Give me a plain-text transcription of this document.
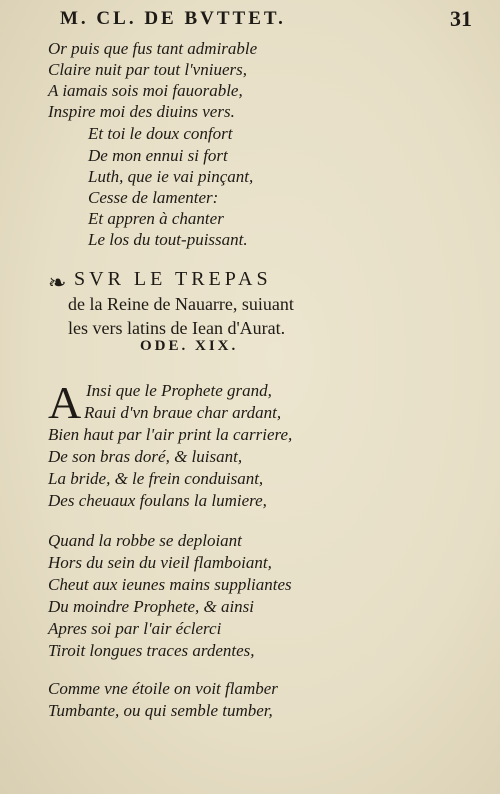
M. CL. DE BVTTET.	31
Or puis que fus tant admirable
Claire nuit par tout l'vniuers,
A iamais sois moi fauorable,
Inspire moi des diuins vers.
Et toi le doux confort
De mon ennui si fort
Luth, que ie vai pinçant,
Cesse de lamenter:
Et appren à chanter
Le los du tout-puissant.
❧ SVR LE TREPAS
de la Reine de Nauarre, suiuant
les vers latins de Iean d'Aurat.
ODE. XIX.
A Insi que le Prophete grand,
Raui d'vn braue char ardant,
Bien haut par l'air print la carriere,
De son bras doré, & luisant,
La bride, & le frein conduisant,
Des cheuaux foulans la lumiere,
Quand la robbe se deploiant
Hors du sein du vieil flamboiant,
Cheut aux ieunes mains suppliantes
Du moindre Prophete, & ainsi
Apres soi par l'air éclerci
Tiroit longues traces ardentes,
Comme vne étoile on voit flamber
Tumbante, ou qui semble tumber,
